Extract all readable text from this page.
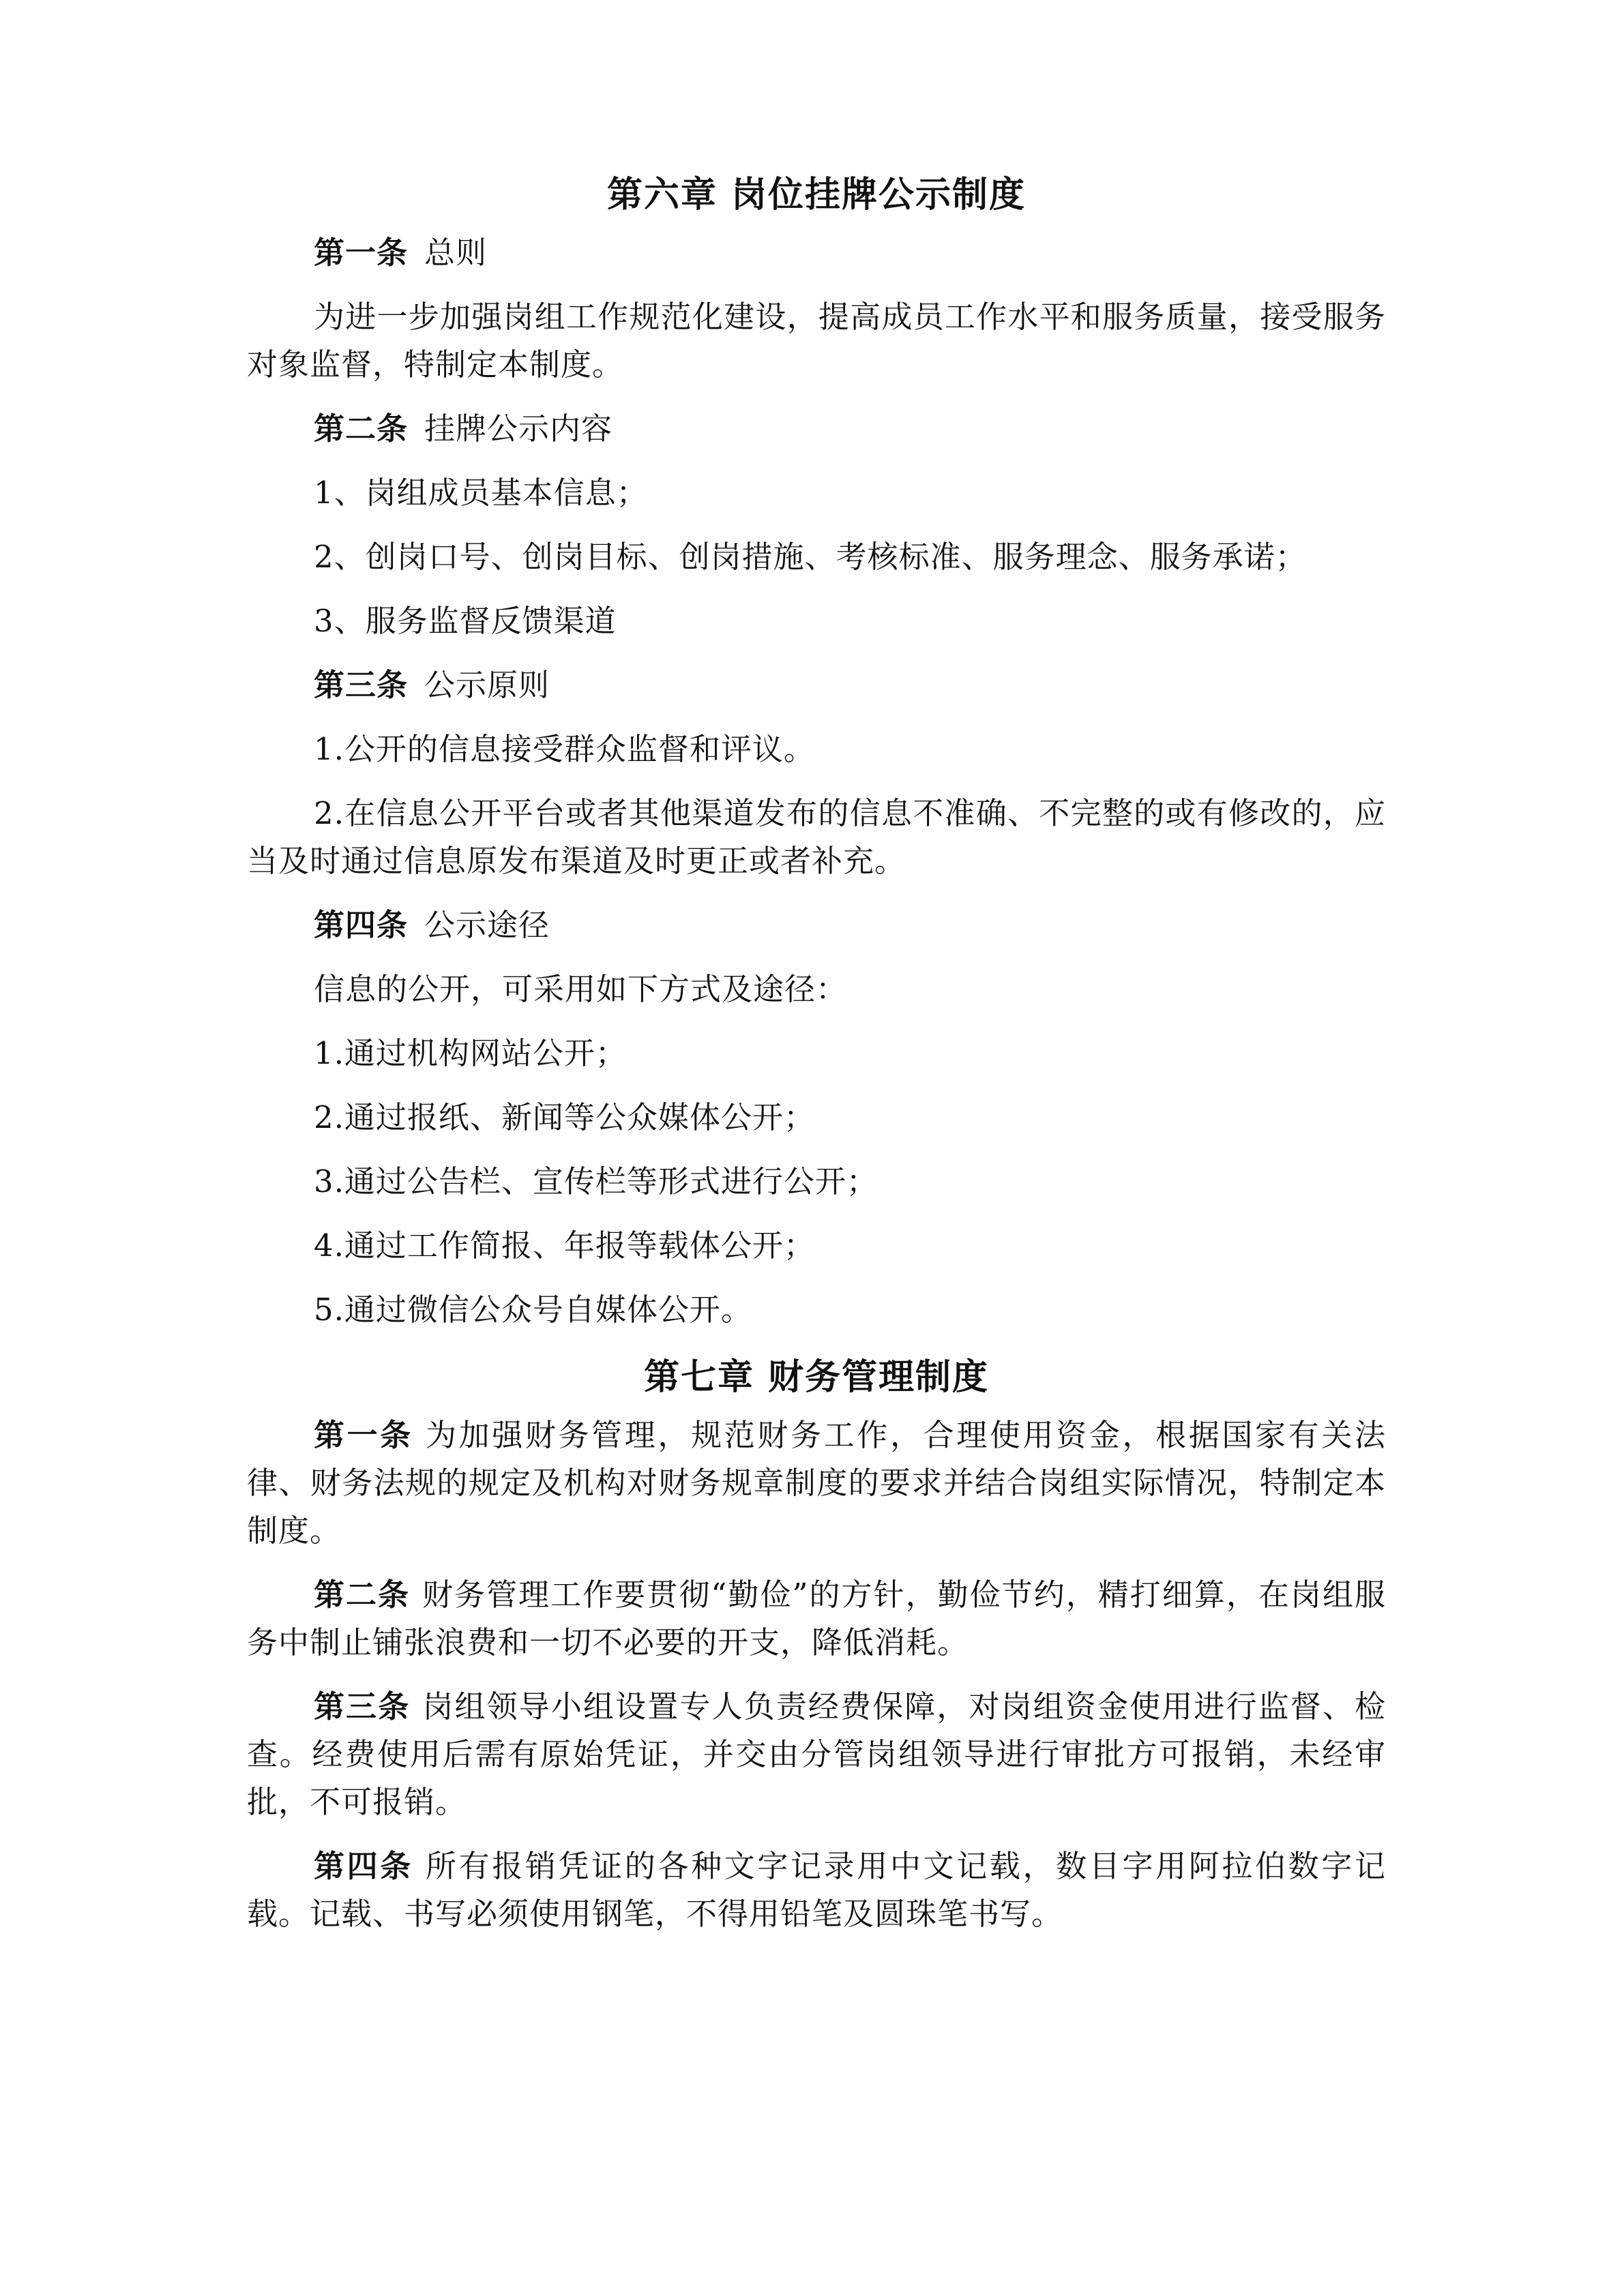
第六章 岗位挂牌公示制度

第一条 总则

为进一步加强岗组工作规范化建设，提高成员工作水平和服务质量，接受服务对象监督，特制定本制度。

第二条 挂牌公示内容

1、岗组成员基本信息；

2、创岗口号、创岗目标、创岗措施、考核标准、服务理念、服务承诺；

3、服务监督反馈渠道

第三条 公示原则

1.公开的信息接受群众监督和评议。

2.在信息公开平台或者其他渠道发布的信息不准确、不完整的或有修改的，应当及时通过信息原发布渠道及时更正或者补充。

第四条 公示途径

信息的公开，可采用如下方式及途径：

1.通过机构网站公开；

2.通过报纸、新闻等公众媒体公开；

3.通过公告栏、宣传栏等形式进行公开；

4.通过工作简报、年报等载体公开；

5.通过微信公众号自媒体公开。

第七章 财务管理制度

第一条 为加强财务管理，规范财务工作，合理使用资金，根据国家有关法律、财务法规的规定及机构对财务规章制度的要求并结合岗组实际情况，特制定本制度。

第二条 财务管理工作要贯彻“勤俭”的方针，勤俭节约，精打细算，在岗组服务中制止铺张浪费和一切不必要的开支，降低消耗。

第三条 岗组领导小组设置专人负责经费保障，对岗组资金使用进行监督、检查。经费使用后需有原始凭证，并交由分管岗组领导进行审批方可报销，未经审批，不可报销。

第四条 所有报销凭证的各种文字记录用中文记载，数目字用阿拉伯数字记载。记载、书写必须使用钢笔，不得用铅笔及圆珠笔书写。
